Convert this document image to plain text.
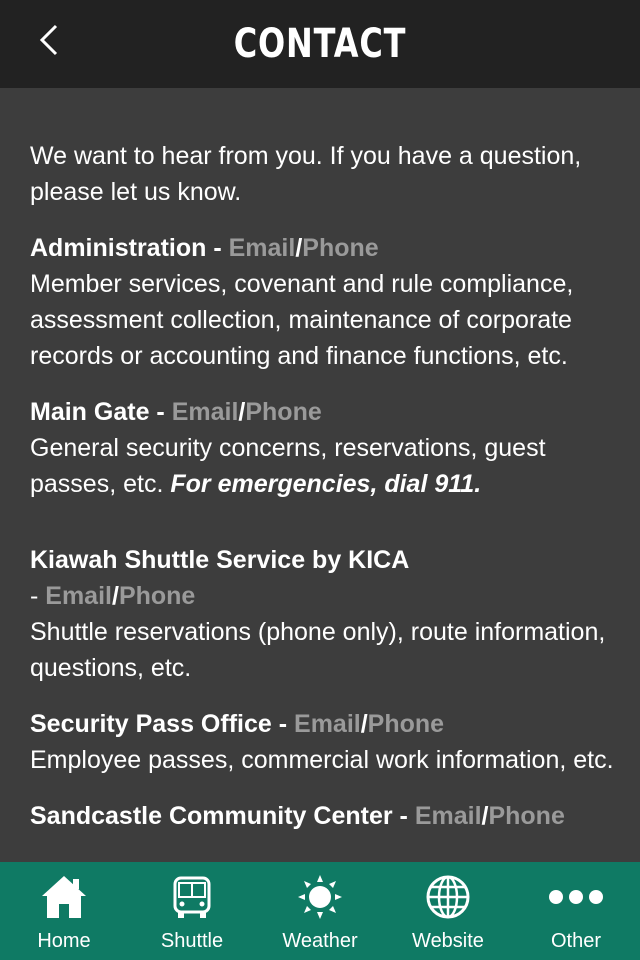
CONTACT

We want to hear from you. If you have a question, please let us know.

Administration - Email/Phone
Member services, covenant and rule compliance, assessment collection, maintenance of corporate records or accounting and finance functions, etc.
Main Gate - Email/Phone
General security concerns, reservations, guest passes, etc. For emergencies, dial 911.
Kiawah Shuttle Service by KICA
- Email/Phone
Shuttle reservations (phone only), route information, questions, etc.
Security Pass Office - Email/Phone
Employee passes, commercial work information, etc.
Sandcastle Community Center - Email/Phone
Home	Shuttle	Weather	Website	Other
